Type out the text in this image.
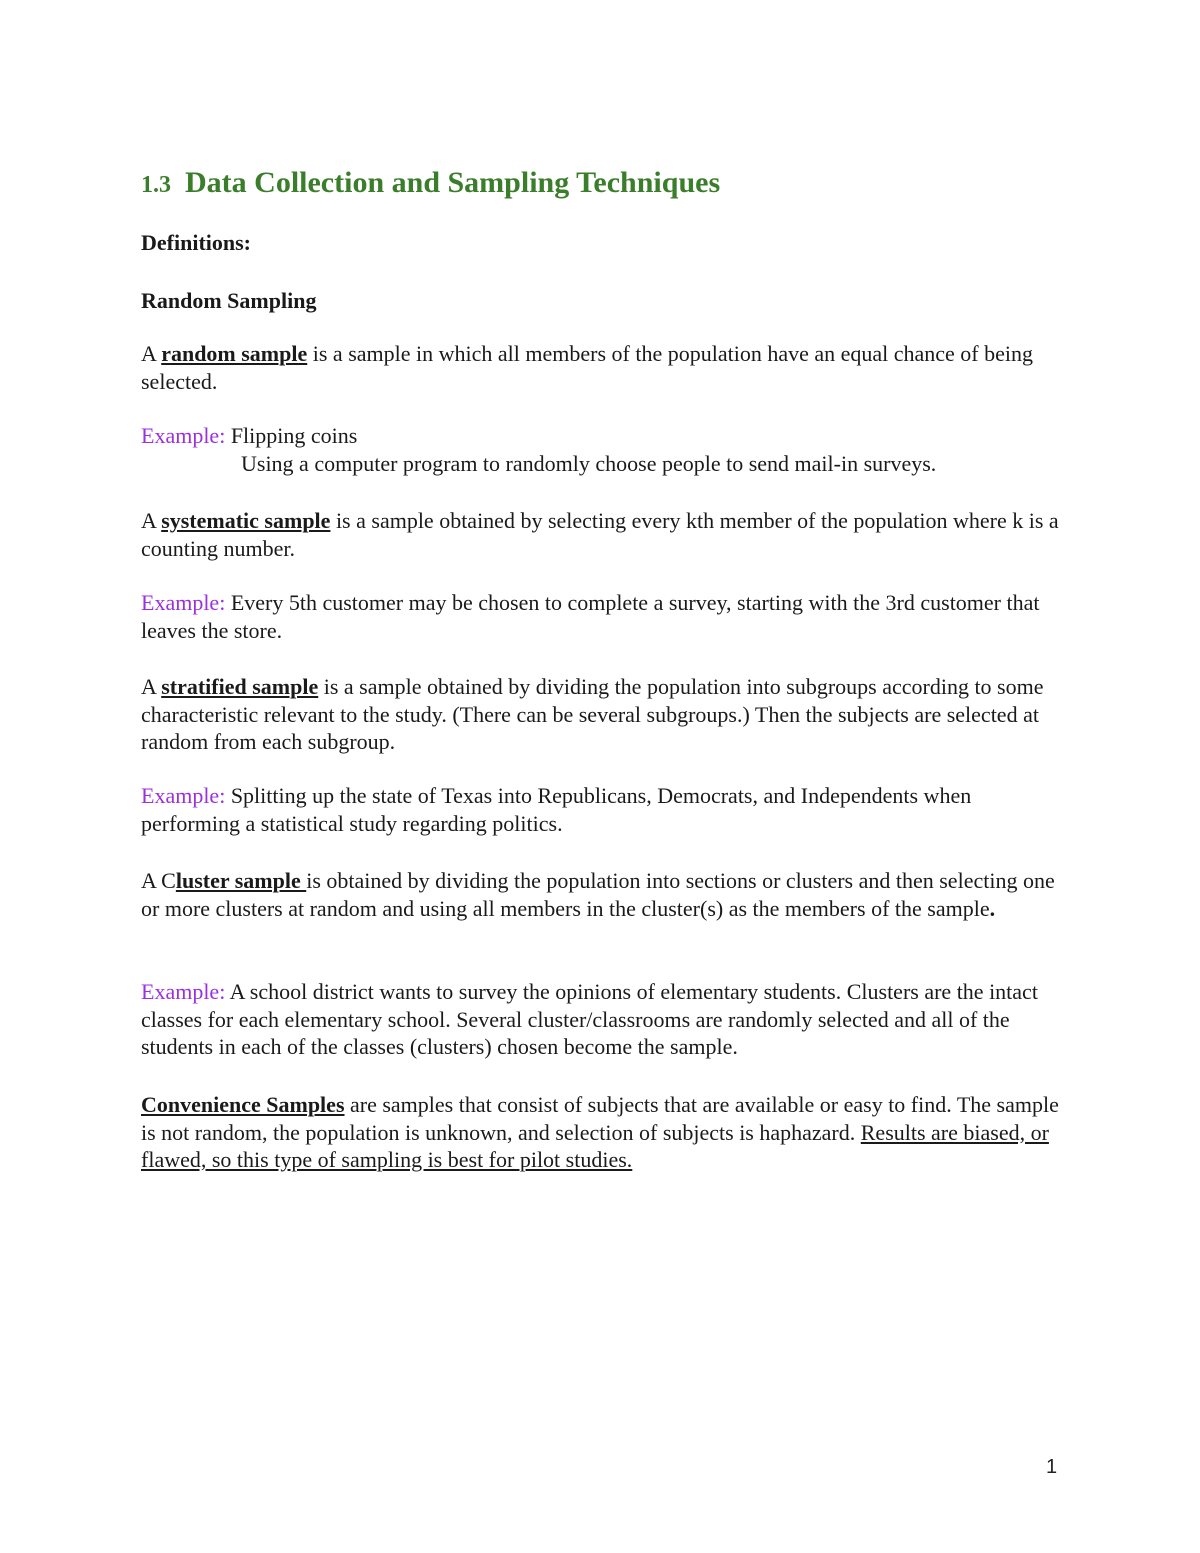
1.3 Data Collection and Sampling Techniques

Definitions:

Random Sampling

A random sample is a sample in which all members of the population have an equal chance of being selected.

Example: Flipping coins
Using a computer program to randomly choose people to send mail-in surveys.

A systematic sample is a sample obtained by selecting every kth member of the population where k is a counting number.

Example: Every 5th customer may be chosen to complete a survey, starting with the 3rd customer that leaves the store.

A stratified sample is a sample obtained by dividing the population into subgroups according to some characteristic relevant to the study. (There can be several subgroups.) Then the subjects are selected at random from each subgroup.

Example: Splitting up the state of Texas into Republicans, Democrats, and Independents when performing a statistical study regarding politics.

A Cluster sample is obtained by dividing the population into sections or clusters and then selecting one or more clusters at random and using all members in the cluster(s) as the members of the sample.

Example: A school district wants to survey the opinions of elementary students. Clusters are the intact classes for each elementary school. Several cluster/classrooms are randomly selected and all of the students in each of the classes (clusters) chosen become the sample.

Convenience Samples are samples that consist of subjects that are available or easy to find. The sample is not random, the population is unknown, and selection of subjects is haphazard. Results are biased, or flawed, so this type of sampling is best for pilot studies.

1
